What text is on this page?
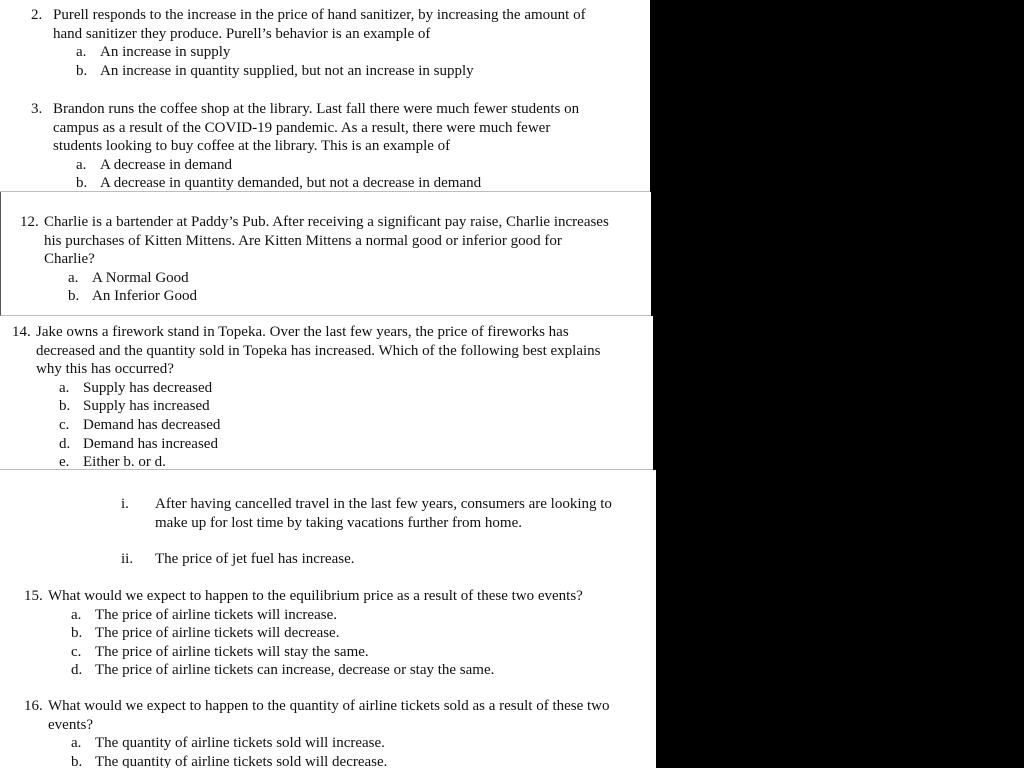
2. Purell responds to the increase in the price of hand sanitizer, by increasing the amount of hand sanitizer they produce. Purell’s behavior is an example of
a. An increase in supply
b. An increase in quantity supplied, but not an increase in supply
3. Brandon runs the coffee shop at the library. Last fall there were much fewer students on campus as a result of the COVID-19 pandemic. As a result, there were much fewer students looking to buy coffee at the library. This is an example of
a. A decrease in demand
b. A decrease in quantity demanded, but not a decrease in demand
12. Charlie is a bartender at Paddy’s Pub. After receiving a significant pay raise, Charlie increases his purchases of Kitten Mittens. Are Kitten Mittens a normal good or inferior good for Charlie?
a. A Normal Good
b. An Inferior Good
14. Jake owns a firework stand in Topeka. Over the last few years, the price of fireworks has decreased and the quantity sold in Topeka has increased. Which of the following best explains why this has occurred?
a. Supply has decreased
b. Supply has increased
c. Demand has decreased
d. Demand has increased
e. Either b. or d.
i.	After having cancelled travel in the last few years, consumers are looking to make up for lost time by taking vacations further from home.
ii.	The price of jet fuel has increase.
15. What would we expect to happen to the equilibrium price as a result of these two events?
a. The price of airline tickets will increase.
b. The price of airline tickets will decrease.
c. The price of airline tickets will stay the same.
d. The price of airline tickets can increase, decrease or stay the same.
16. What would we expect to happen to the quantity of airline tickets sold as a result of these two events?
a. The quantity of airline tickets sold will increase.
b. The quantity of airline tickets sold will decrease.
